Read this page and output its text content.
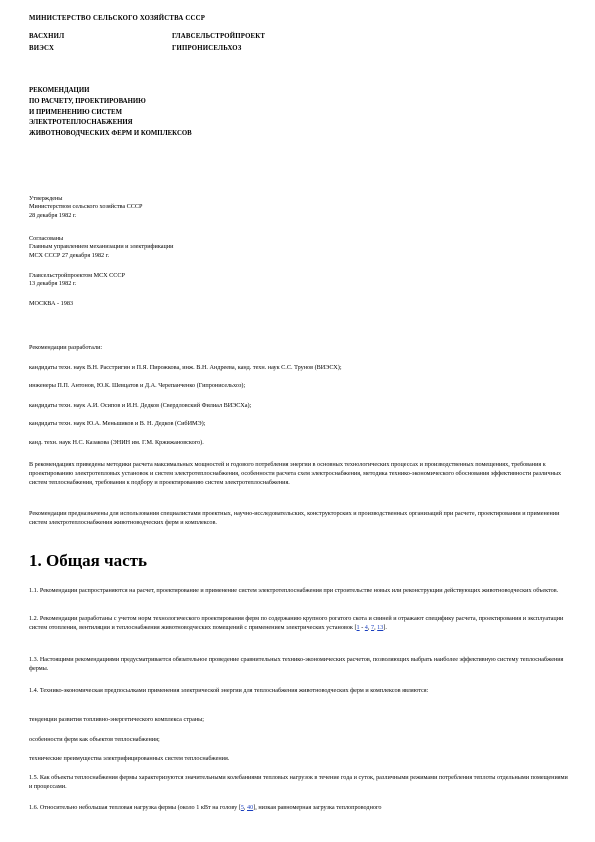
МИНИСТЕРСТВО СЕЛЬСКОГО ХОЗЯЙСТВА СССР
ВАСХНИЛ	ГЛАВСЕЛЬСТРОЙПРОЕКТ
ВИЭСХ	ГИПРОНИСЕЛЬХОЗ
РЕКОМЕНДАЦИИ
ПО РАСЧЕТУ, ПРОЕКТИРОВАНИЮ
И ПРИМЕНЕНИЮ СИСТЕМ
ЭЛЕКТРОТЕПЛОСНАБЖЕНИЯ
ЖИВОТНОВОДЧЕСКИХ ФЕРМ И КОМПЛЕКСОВ
Утверждены
Министерством сельского хозяйства СССР
28 декабря 1982 г.
Согласованы
Главным управлением механизации и электрификации
МСХ СССР 27 декабря 1982 г.
Главсельстройпроектом МСХ СССР
13 декабря 1982 г.
МОСКВА - 1983
Рекомендации разработали:
кандидаты техн. наук В.Н. Расстригин и П.Я. Пирожкова, инж. В.Н. Андреева, канд. техн. наук С.С. Трунов (ВИЭСХ);
инженеры П.П. Антонов, Ю.К. Шевцатов и Д.А. Черепанченко (Гипронисельхоз);
кандидаты техн. наук А.И. Осипов и И.Н. Дедков (Свердловский Филиал ВИЭСХа);
кандидаты техн. наук Ю.А. Меньшиков и В. Н. Дедков (СибИМЭ);
канд. техн. наук Н.С. Казакова (ЭНИН им. Г.М. Кржижановского).
В рекомендациях приведены методики расчета максимальных мощностей и годового потребления энергии в основных технологических процессах и производственных помещениях, требования к проектированию электротепловых установок и систем электротеплоснабжения, особенности расчета схем электроснабжения, методика технико-экономического обоснования эффективности различных систем теплоснабжения, требования к подбору и проектированию систем электротеплоснабжения.
Рекомендации предназначены для использования специалистами проектных, научно-исследовательских, конструкторских и производственных организаций при расчете, проектировании и применении систем электротеплоснабжения животноводческих ферм и комплексов.
1. Общая часть
1.1. Рекомендации распространяются на расчет, проектирование и применение систем электротеплоснабжения при строительстве новых или реконструкции действующих животноводческих объектов.
1.2. Рекомендации разработаны с учетом норм технологического проектирования ферм по содержанию крупного рогатого скота и свиней и отражают специфику расчета, проектирования и эксплуатации систем отопления, вентиляции и теплоснабжения животноводческих помещений с применением электрических установок [1 - 4, 7, 13].
1.3. Настоящими рекомендациями предусматривается обязательное проведение сравнительных технико-экономических расчетов, позволяющих выбрать наиболее эффективную систему теплоснабжения фермы.
1.4. Технико-экономическая предпосылками применения электрической энергии для теплоснабжения животноводческих ферм и комплексов являются:
тенденции развития топливно-энергетического комплекса страны;
особенности ферм как объектов теплоснабжения;
технические преимущества электрифицированных систем теплоснабжения.
1.5. Как объекты теплоснабжения фермы характеризуются значительными колебаниями тепловых нагрузок в течение года и суток, различными режимами потребления теплоты отдельными помещениями и процессами.
1.6. Относительно небольшая тепловая нагрузка фермы (около 1 кВт на голову [5, 40], низкая равномерная загрузка теплопроводного
